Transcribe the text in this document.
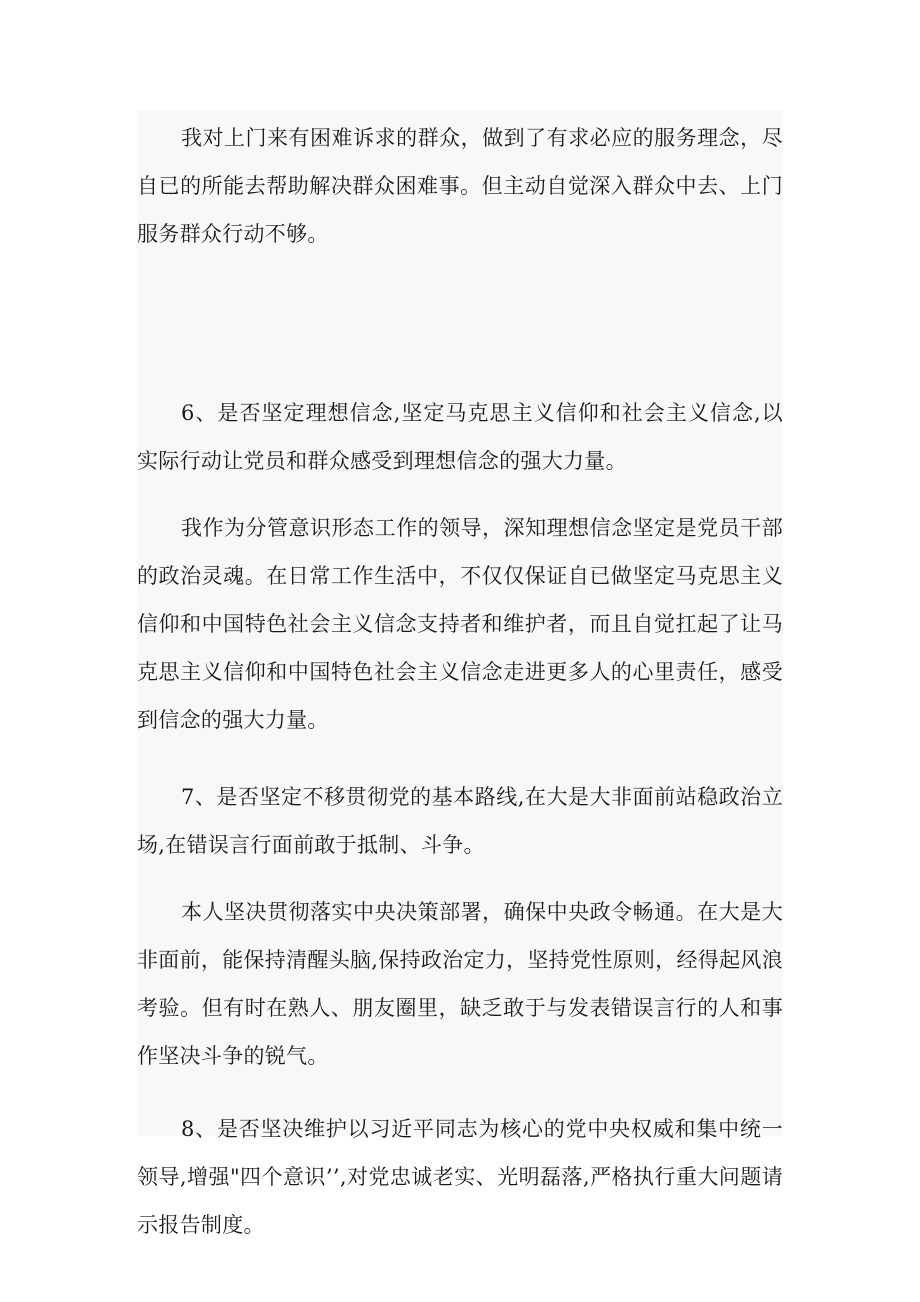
我对上门来有困难诉求的群众，做到了有求必应的服务理念，尽自已的所能去帮助解决群众困难事。但主动自觉深入群众中去、上门服务群众行动不够。

6、是否坚定理想信念,坚定马克思主义信仰和社会主义信念,以实际行动让党员和群众感受到理想信念的强大力量。

我作为分管意识形态工作的领导，深知理想信念坚定是党员干部的政治灵魂。在日常工作生活中，不仅仅保证自已做坚定马克思主义信仰和中国特色社会主义信念支持者和维护者，而且自觉扛起了让马克思主义信仰和中国特色社会主义信念走进更多人的心里责任，感受到信念的强大力量。

7、是否坚定不移贯彻党的基本路线,在大是大非面前站稳政治立场,在错误言行面前敢于抵制、斗争。

本人坚决贯彻落实中央决策部署，确保中央政令畅通。在大是大非面前，能保持清醒头脑,保持政治定力，坚持党性原则，经得起风浪考验。但有时在熟人、朋友圈里，缺乏敢于与发表错误言行的人和事作坚决斗争的锐气。

8、是否坚决维护以习近平同志为核心的党中央权威和集中统一领导,增强"四个意识’’,对党忠诚老实、光明磊落,严格执行重大问题请示报告制度。
